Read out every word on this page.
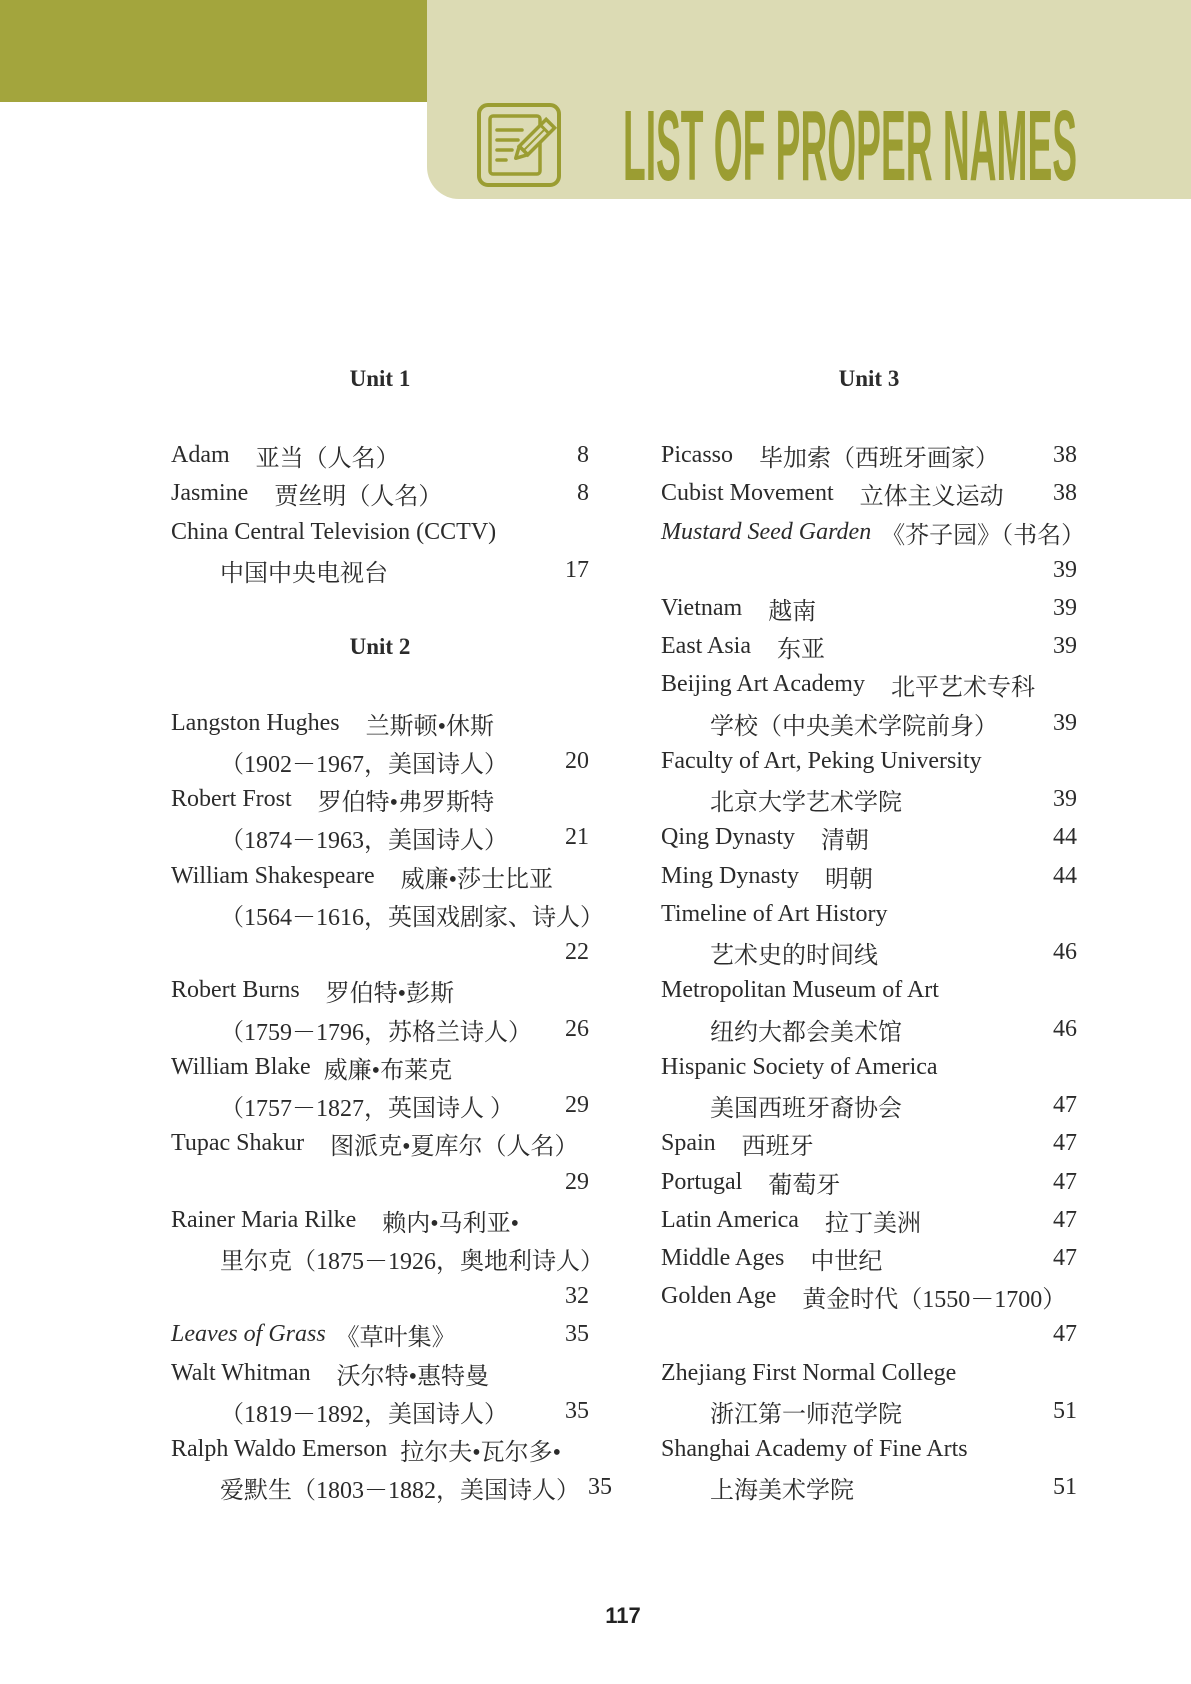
LIST OF PROPER NAMES
Unit 1
Adam 亚当（人名）	8
Jasmine 贾丝明（人名）	8
China Central Television (CCTV)
中国中央电视台	17
Unit 2
Langston Hughes 兰斯顿•休斯
（1902－1967，美国诗人）	20
Robert Frost 罗伯特•弗罗斯特
（1874－1963，美国诗人）	21
William Shakespeare 威廉•莎士比亚
（1564－1616，英国戏剧家、诗人）
22
Robert Burns 罗伯特•彭斯
（1759－1796，苏格兰诗人）	26
William Blake 威廉•布莱克
（1757－1827，英国诗人 ）	29
Tupac Shakur 图派克•夏库尔（人名）
29
Rainer Maria Rilke 赖内•马利亚•
里尔克（1875－1926，奥地利诗人）
32
Leaves of Grass 《草叶集》	35
Walt Whitman 沃尔特•惠特曼
（1819－1892，美国诗人）	35
Ralph Waldo Emerson 拉尔夫•瓦尔多•
爱默生（1803－1882，美国诗人） 35
Unit 3
Picasso 毕加索（西班牙画家）	38
Cubist Movement 立体主义运动	38
Mustard Seed Garden 《芥子园》（书名）
39
Vietnam 越南	39
East Asia 东亚	39
Beijing Art Academy 北平艺术专科
学校（中央美术学院前身）	39
Faculty of Art, Peking University
北京大学艺术学院	39
Qing Dynasty 清朝	44
Ming Dynasty 明朝	44
Timeline of Art History
艺术史的时间线	46
Metropolitan Museum of Art
纽约大都会美术馆	46
Hispanic Society of America
美国西班牙裔协会	47
Spain 西班牙	47
Portugal 葡萄牙	47
Latin America 拉丁美洲	47
Middle Ages 中世纪	47
Golden Age 黄金时代（1550－1700）
47
Zhejiang First Normal College
浙江第一师范学院	51
Shanghai Academy of Fine Arts
上海美术学院	51
117
